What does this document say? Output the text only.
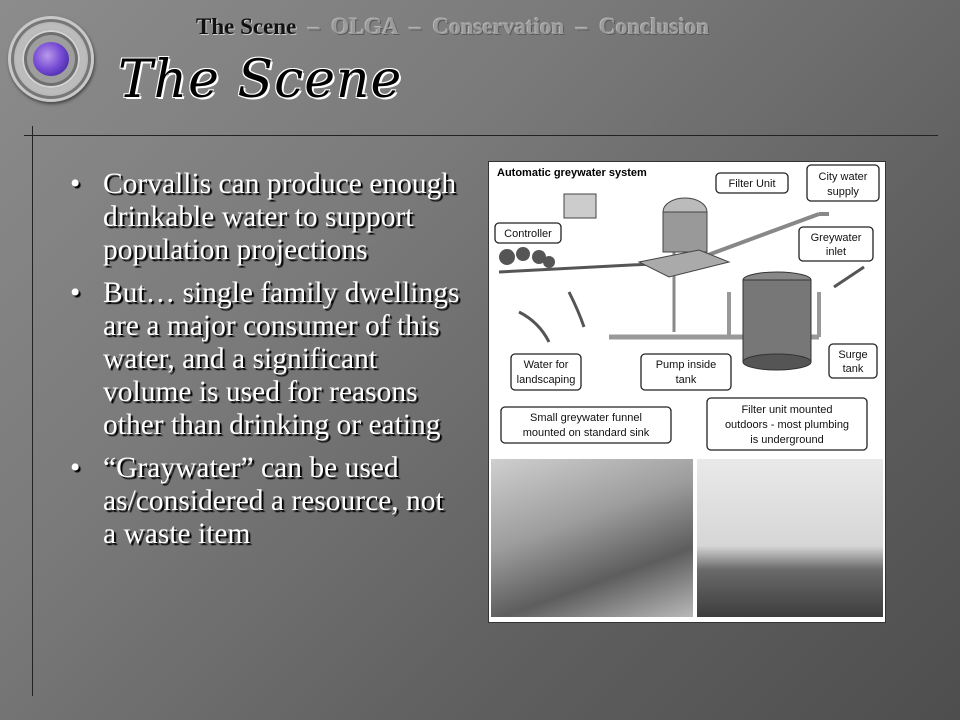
The Scene – OLGA – Conservation – Conclusion
The Scene
• Corvallis can produce enough drinkable water to support population projections
• But… single family dwellings are a major consumer of this water, and a significant volume is used for reasons other than drinking or eating
• “Graywater” can be used as/considered a resource, not a waste item
Automatic greywater system
Filter Unit
City water
supply
Controller	Greywater
inlet
Water for
landscaping
Pump inside
tank
Surge
tank
Small greywater funnel
mounted on standard sink
Filter unit mounted
outdoors - most plumbing
is underground
